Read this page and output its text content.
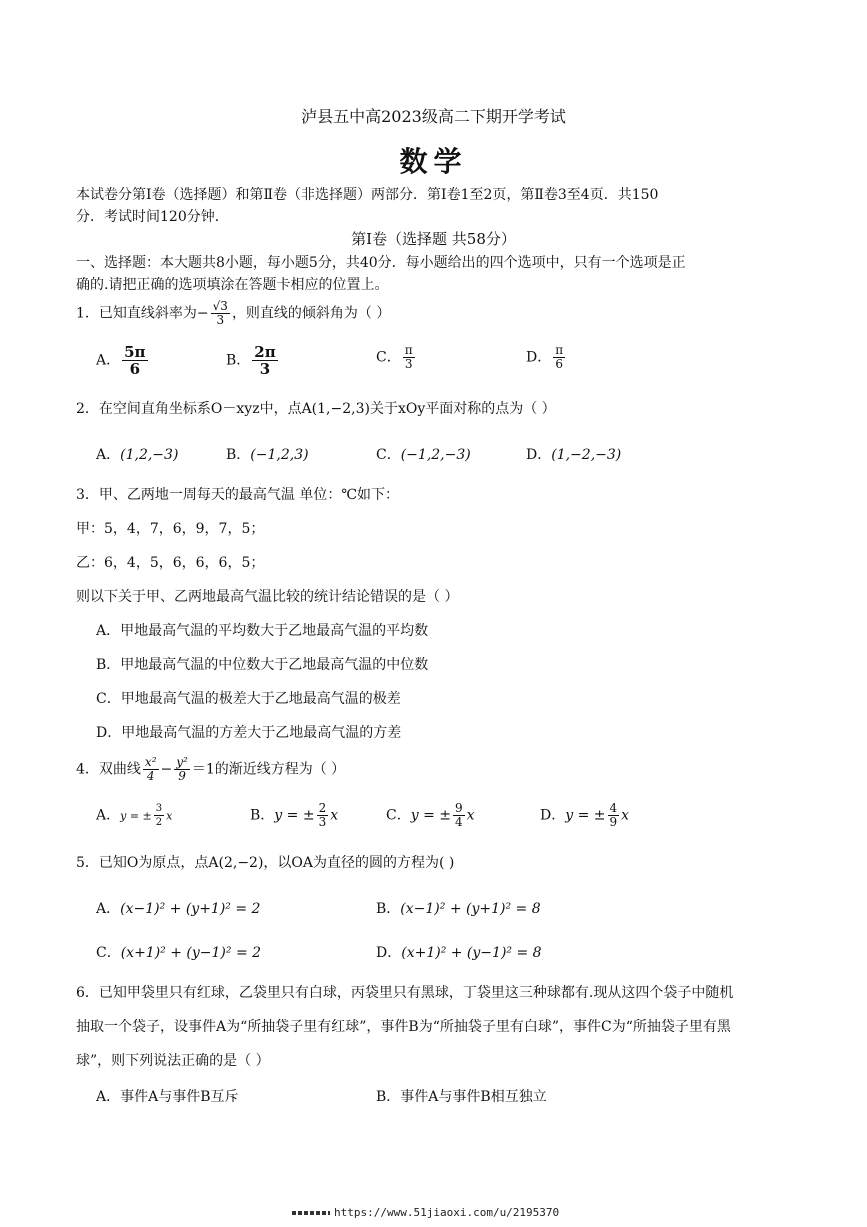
泸县五中高2023级高二下期开学考试
数学
本试卷分第Ⅰ卷（选择题）和第Ⅱ卷（非选择题）两部分．第Ⅰ卷1至2页，第Ⅱ卷3至4页．共150
分．考试时间120分钟．
第Ⅰ卷（选择题 共58分）
一、选择题：本大题共8小题，每小题5分，共40分．每小题给出的四个选项中，只有一个选项是正
确的.请把正确的选项填涂在答题卡相应的位置上。
1．已知直线斜率为− $\frac{√3}{3}$ ，则直线的倾斜角为（ ）
A． $\frac{5\pi}{6}$	B． $\frac{2\pi}{3}$	C． $\frac{\pi}{3}$	D． $\frac{\pi}{6}$
2．在空间直角坐标系O－xyz中，点A(1,−2,3)关于xOy平面对称的点为（ ）
A．(1,2,−3)	B．(−1,2,3)	C．(−1,2,−3)	D．(1,−2,−3)
3．甲、乙两地一周每天的最高气温 单位：℃如下：
甲：5，4，7，6，9，7，5；
乙：6，4，5，6，6，6，5；
则以下关于甲、乙两地最高气温比较的统计结论错误的是（ ）
A．甲地最高气温的平均数大于乙地最高气温的平均数
B．甲地最高气温的中位数大于乙地最高气温的中位数
C．甲地最高气温的极差大于乙地最高气温的极差
D．甲地最高气温的方差大于乙地最高气温的方差
4．双曲线 $\frac{\text{x²}}{4} - \frac{\text{y²}}{9} =1$的渐近线方程为（ ）
A．y = ± $\frac{3}{2}$ x	B．y = ± $\frac{2}{3}$ x	C．y = ± $\frac{9}{4}$ x	D．y = ± $\frac{4}{9}$ x
5．已知O为原点，点A(2,−2)，以OA为直径的圆的方程为( )
A．(x−1)² + (y+1)² = 2	B．(x−1)² + (y+1)² = 8
C．(x+1)² + (y−1)² = 2	D．(x+1)² + (y−1)² = 8
6．已知甲袋里只有红球，乙袋里只有白球，丙袋里只有黑球，丁袋里这三种球都有.现从这四个袋子中随机
抽取一个袋子，设事件A为“所抽袋子里有红球”，事件B为“所抽袋子里有白球”，事件C为“所抽袋子里有黑
球”，则下列说法正确的是（ ）
A．事件A与事件B互斥	B．事件A与事件B相互独立
https://www.51jiaoxi.com/u/2195370
